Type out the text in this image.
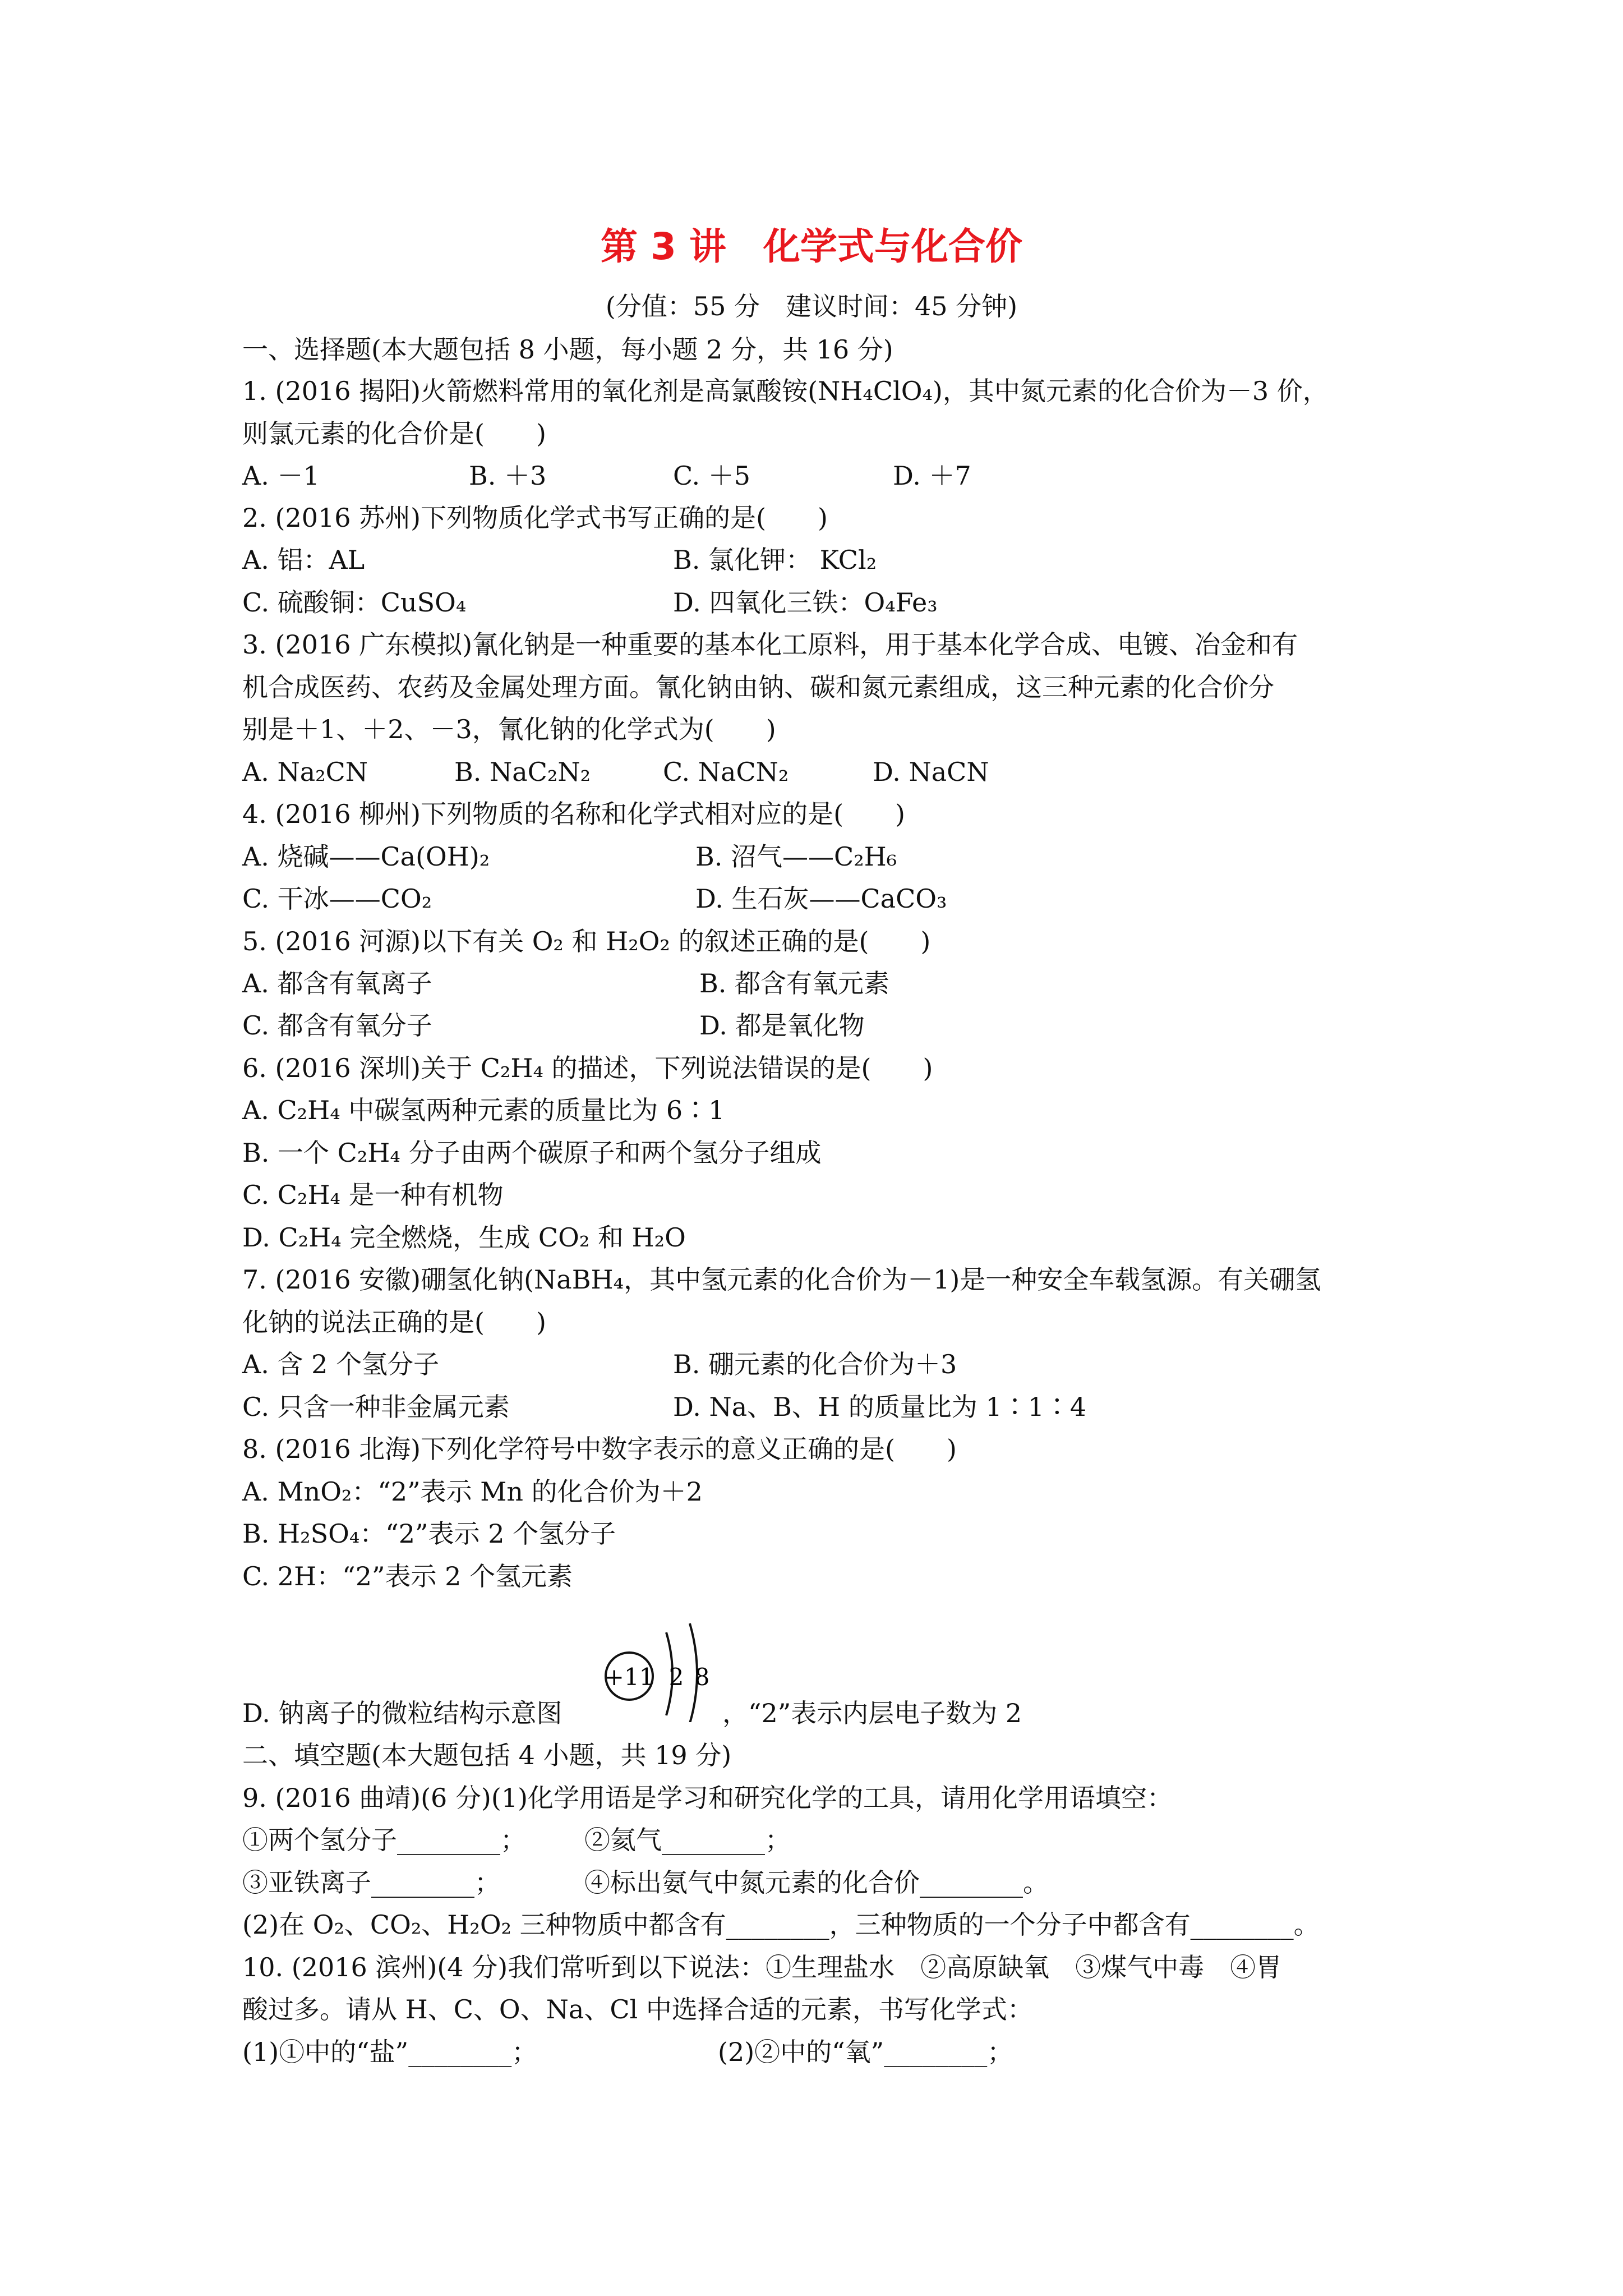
第 3 讲　化学式与化合价
(分值：55 分　建议时间：45 分钟)
一、选择题(本大题包括 8 小题，每小题 2 分，共 16 分)
1. (2016 揭阳)火箭燃料常用的氧化剂是高氯酸铵(NH₄ClO₄)，其中氮元素的化合价为－3 价，
则氯元素的化合价是(　　)
A. －1	B. ＋3	C. ＋5	D. ＋7
2. (2016 苏州)下列物质化学式书写正确的是(　　)
A. 铝：AL	B. 氯化钾： KCl₂
C. 硫酸铜：CuSO₄	D. 四氧化三铁：O₄Fe₃
3. (2016 广东模拟)氰化钠是一种重要的基本化工原料，用于基本化学合成、电镀、冶金和有
机合成医药、农药及金属处理方面。氰化钠由钠、碳和氮元素组成，这三种元素的化合价分
别是＋1、＋2、－3，氰化钠的化学式为(　　)
A. Na₂CN	B. NaC₂N₂	C. NaCN₂	D. NaCN
4. (2016 柳州)下列物质的名称和化学式相对应的是(　　)
A. 烧碱——Ca(OH)₂	B. 沼气——C₂H₆
C. 干冰——CO₂	D. 生石灰——CaCO₃
5. (2016 河源)以下有关 O₂ 和 H₂O₂ 的叙述正确的是(　　)
A. 都含有氧离子	B. 都含有氧元素
C. 都含有氧分子	D. 都是氧化物
6. (2016 深圳)关于 C₂H₄ 的描述，下列说法错误的是(　　)
A. C₂H₄ 中碳氢两种元素的质量比为 6∶1
B. 一个 C₂H₄ 分子由两个碳原子和两个氢分子组成
C. C₂H₄ 是一种有机物
D. C₂H₄ 完全燃烧，生成 CO₂ 和 H₂O
7. (2016 安徽)硼氢化钠(NaBH₄，其中氢元素的化合价为－1)是一种安全车载氢源。有关硼氢
化钠的说法正确的是(　　)
A. 含 2 个氢分子	B. 硼元素的化合价为＋3
C. 只含一种非金属元素	D. Na、B、H 的质量比为 1∶1∶4
8. (2016 北海)下列化学符号中数字表示的意义正确的是(　　)
A. MnO₂：“2”表示 Mn 的化合价为＋2
B. H₂SO₄：“2”表示 2 个氢分子
C. 2H：“2”表示 2 个氢元素
+11 2 8
D. 钠离子的微粒结构示意图	，“2”表示内层电子数为 2
二、填空题(本大题包括 4 小题，共 19 分)
9. (2016 曲靖)(6 分)(1)化学用语是学习和研究化学的工具，请用化学用语填空：
①两个氢分子________； ②氦气________；
③亚铁离子________；	④标出氨气中氮元素的化合价________。
(2)在 O₂、CO₂、H₂O₂ 三种物质中都含有________，三种物质的一个分子中都含有________。
10. (2016 滨州)(4 分)我们常听到以下说法：①生理盐水　②高原缺氧　③煤气中毒　④胃
酸过多。请从 H、C、O、Na、Cl 中选择合适的元素，书写化学式：
(1)①中的“盐”________；	(2)②中的“氧”________；
